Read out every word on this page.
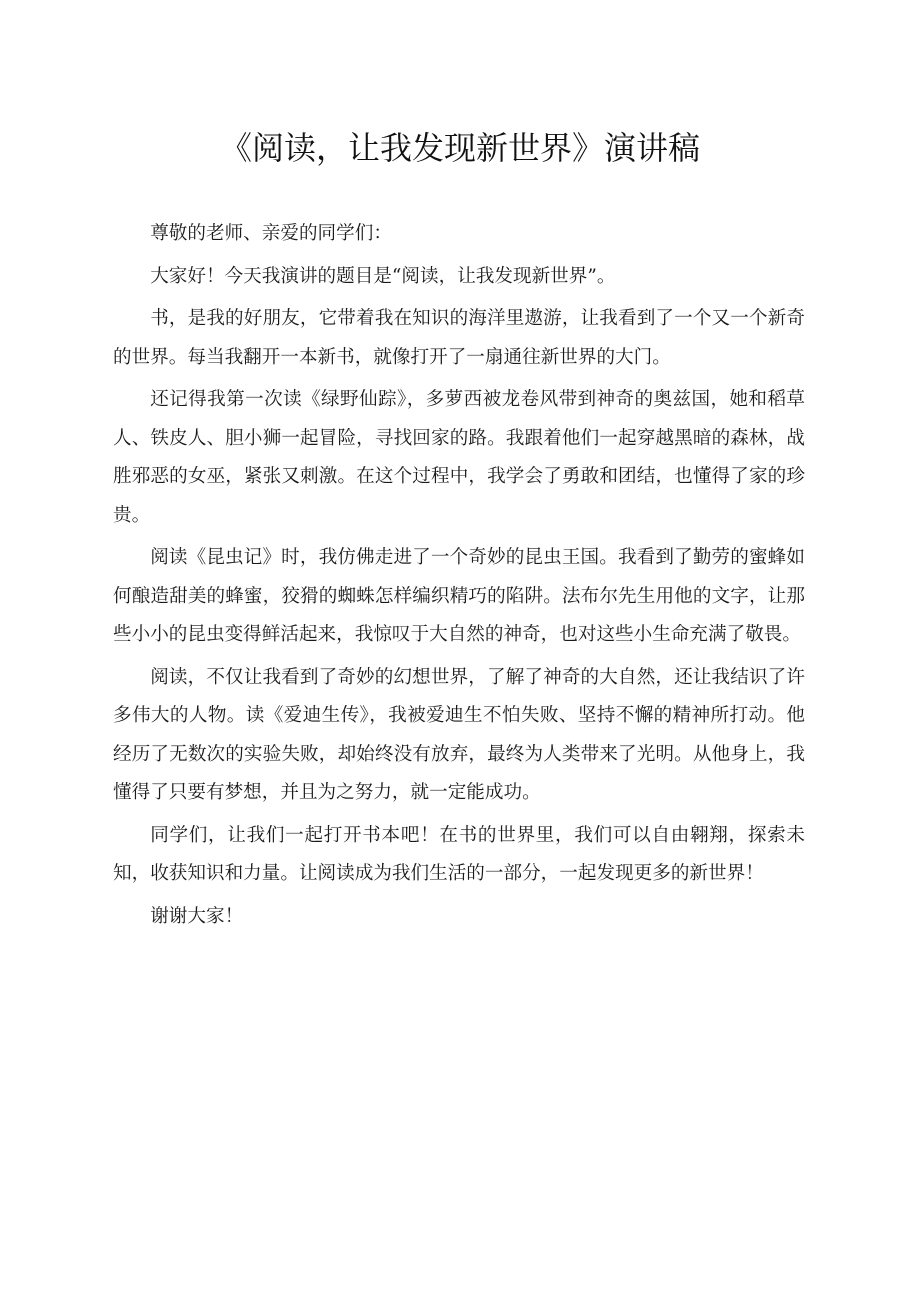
《阅读，让我发现新世界》演讲稿

尊敬的老师、亲爱的同学们：

大家好！今天我演讲的题目是“阅读，让我发现新世界”。

书，是我的好朋友，它带着我在知识的海洋里遨游，让我看到了一个又一个新奇的世界。每当我翻开一本新书，就像打开了一扇通往新世界的大门。

还记得我第一次读《绿野仙踪》，多萝西被龙卷风带到神奇的奥兹国，她和稻草人、铁皮人、胆小狮一起冒险，寻找回家的路。我跟着他们一起穿越黑暗的森林，战胜邪恶的女巫，紧张又刺激。在这个过程中，我学会了勇敢和团结，也懂得了家的珍贵。

阅读《昆虫记》时，我仿佛走进了一个奇妙的昆虫王国。我看到了勤劳的蜜蜂如何酿造甜美的蜂蜜，狡猾的蜘蛛怎样编织精巧的陷阱。法布尔先生用他的文字，让那些小小的昆虫变得鲜活起来，我惊叹于大自然的神奇，也对这些小生命充满了敬畏。

阅读，不仅让我看到了奇妙的幻想世界，了解了神奇的大自然，还让我结识了许多伟大的人物。读《爱迪生传》，我被爱迪生不怕失败、坚持不懈的精神所打动。他经历了无数次的实验失败，却始终没有放弃，最终为人类带来了光明。从他身上，我懂得了只要有梦想，并且为之努力，就一定能成功。

同学们，让我们一起打开书本吧！在书的世界里，我们可以自由翱翔，探索未知，收获知识和力量。让阅读成为我们生活的一部分，一起发现更多的新世界！

谢谢大家！
